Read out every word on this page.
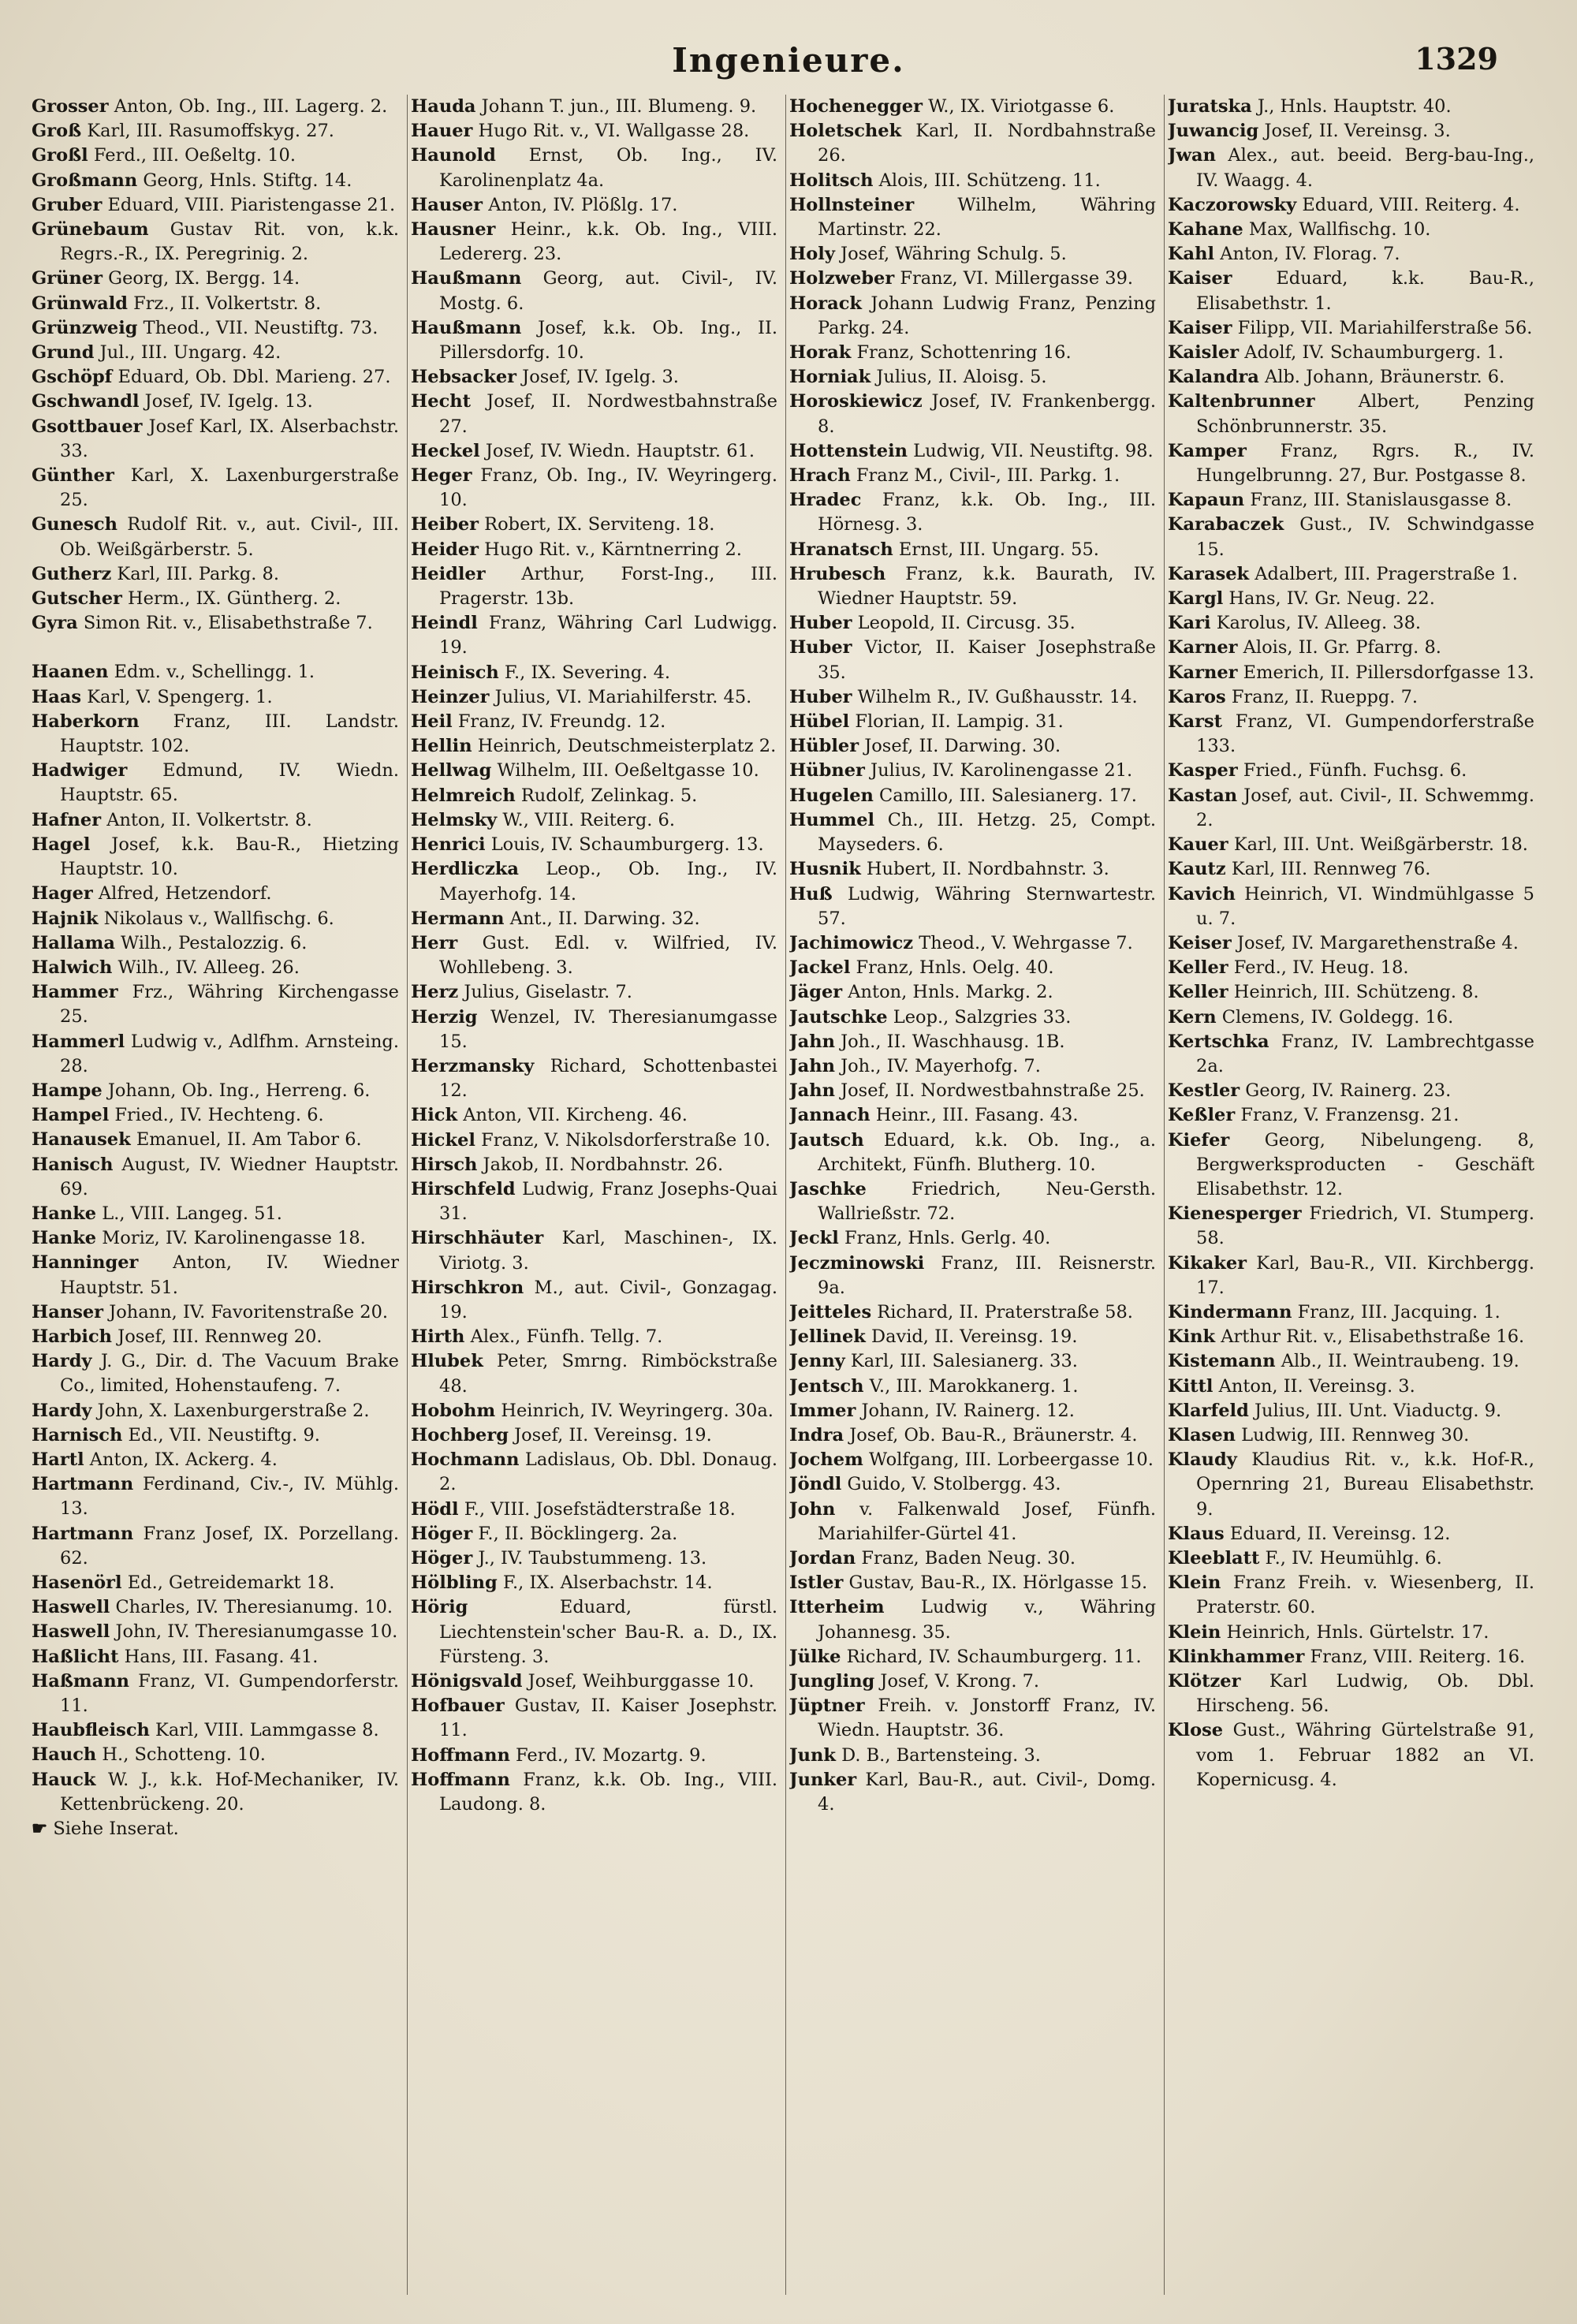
Ingenieure.	1329
Grosser Anton, Ob. Ing., III. Lagerg. 2.
Groß Karl, III. Rasumoffskyg. 27.
Großl Ferd., III. Oeßeltg. 10.
Großmann Georg, Hnls. Stiftg. 14.
Gruber Eduard, VIII. Piaristengasse 21.
Grünebaum Gustav Rit. von, k.k. Regrs.-R., IX. Peregrinig. 2.
Grüner Georg, IX. Bergg. 14.
Grünwald Frz., II. Volkertstr. 8.
Grünzweig Theod., VII. Neustiftg. 73.
Grund Jul., III. Ungarg. 42.
Gschöpf Eduard, Ob. Dbl. Marieng. 27.
Gschwandl Josef, IV. Igelg. 13.
Gsottbauer Josef Karl, IX. Alserbachstr. 33.
Günther Karl, X. Laxenburgerstraße 25.
Gunesch Rudolf Rit. v., aut. Civil-, III. Ob. Weißgärberstr. 5.
Gutherz Karl, III. Parkg. 8.
Gutscher Herm., IX. Güntherg. 2.
Gyra Simon Rit. v., Elisabethstraße 7.
Haanen Edm. v., Schellingg. 1.
Haas Karl, V. Spengerg. 1.
Haberkorn Franz, III. Landstr. Hauptstr. 102.
Hadwiger Edmund, IV. Wiedn. Hauptstr. 65.
Hafner Anton, II. Volkertstr. 8.
Hagel Josef, k.k. Bau-R., Hietzing Hauptstr. 10.
Hager Alfred, Hetzendorf.
Hajnik Nikolaus v., Wallfischg. 6.
Hallama Wilh., Pestalozzig. 6.
Halwich Wilh., IV. Alleeg. 26.
Hammer Frz., Währing Kirchengasse 25.
Hammerl Ludwig v., Adlfhm. Arnsteing. 28.
Hampe Johann, Ob. Ing., Herreng. 6.
Hampel Fried., IV. Hechteng. 6.
Hanausek Emanuel, II. Am Tabor 6.
Hanisch August, IV. Wiedner Hauptstr. 69.
Hanke L., VIII. Langeg. 51.
Hanke Moriz, IV. Karolinengasse 18.
Hanninger Anton, IV. Wiedner Hauptstr. 51.
Hanser Johann, IV. Favoritenstraße 20.
Harbich Josef, III. Rennweg 20.
Hardy J. G., Dir. d. The Vacuum Brake Co., limited, Hohenstaufeng. 7.
Hardy John, X. Laxenburgerstraße 2.
Harnisch Ed., VII. Neustiftg. 9.
Hartl Anton, IX. Ackerg. 4.
Hartmann Ferdinand, Civ.-, IV. Mühlg. 13.
Hartmann Franz Josef, IX. Porzellang. 62.
Hasenörl Ed., Getreidemarkt 18.
Haswell Charles, IV. Theresianumg. 10.
Haswell John, IV. Theresianumgasse 10.
Haßlicht Hans, III. Fasang. 41.
Haßmann Franz, VI. Gumpendorferstr. 11.
Haubfleisch Karl, VIII. Lammgasse 8.
Hauch H., Schotteng. 10.
Hauck W. J., k.k. Hof-Mechaniker, IV. Kettenbrückeng. 20.
☛ Siehe Inserat.
Hauda Johann T. jun., III. Blumeng. 9.
Hauer Hugo Rit. v., VI. Wallgasse 28.
Haunold Ernst, Ob. Ing., IV. Karolinenplatz 4a.
Hauser Anton, IV. Plößlg. 17.
Hausner Heinr., k.k. Ob. Ing., VIII. Ledererg. 23.
Haußmann Georg, aut. Civil-, IV. Mostg. 6.
Haußmann Josef, k.k. Ob. Ing., II. Pillersdorfg. 10.
Hebsacker Josef, IV. Igelg. 3.
Hecht Josef, II. Nordwestbahnstraße 27.
Heckel Josef, IV. Wiedn. Hauptstr. 61.
Heger Franz, Ob. Ing., IV. Weyringerg. 10.
Heiber Robert, IX. Serviteng. 18.
Heider Hugo Rit. v., Kärntnerring 2.
Heidler Arthur, Forst-Ing., III. Pragerstr. 13b.
Heindl Franz, Währing Carl Ludwigg. 19.
Heinisch F., IX. Severing. 4.
Heinzer Julius, VI. Mariahilferstr. 45.
Heil Franz, IV. Freundg. 12.
Hellin Heinrich, Deutschmeisterplatz 2.
Hellwag Wilhelm, III. Oeßeltgasse 10.
Helmreich Rudolf, Zelinkag. 5.
Helmsky W., VIII. Reiterg. 6.
Henrici Louis, IV. Schaumburgerg. 13.
Herdliczka Leop., Ob. Ing., IV. Mayerhofg. 14.
Hermann Ant., II. Darwing. 32.
Herr Gust. Edl. v. Wilfried, IV. Wohllebeng. 3.
Herz Julius, Giselastr. 7.
Herzig Wenzel, IV. Theresianumgasse 15.
Herzmansky Richard, Schottenbastei 12.
Hick Anton, VII. Kircheng. 46.
Hickel Franz, V. Nikolsdorferstraße 10.
Hirsch Jakob, II. Nordbahnstr. 26.
Hirschfeld Ludwig, Franz Josephs-Quai 31.
Hirschhäuter Karl, Maschinen-, IX. Viriotg. 3.
Hirschkron M., aut. Civil-, Gonzagag. 19.
Hirth Alex., Fünfh. Tellg. 7.
Hlubek Peter, Smrng. Rimböckstraße 48.
Hobohm Heinrich, IV. Weyringerg. 30a.
Hochberg Josef, II. Vereinsg. 19.
Hochmann Ladislaus, Ob. Dbl. Donaug. 2.
Hödl F., VIII. Josefstädterstraße 18.
Höger F., II. Böcklingerg. 2a.
Höger J., IV. Taubstummeng. 13.
Hölbling F., IX. Alserbachstr. 14.
Hörig Eduard, fürstl. Liechtenstein'scher Bau-R. a. D., IX. Fürsteng. 3.
Hönigsvald Josef, Weihburggasse 10.
Hofbauer Gustav, II. Kaiser Josephstr. 11.
Hoffmann Ferd., IV. Mozartg. 9.
Hoffmann Franz, k.k. Ob. Ing., VIII. Laudong. 8.
Hochenegger W., IX. Viriotgasse 6.
Holetschek Karl, II. Nordbahnstraße 26.
Holitsch Alois, III. Schützeng. 11.
Hollnsteiner Wilhelm, Währing Martinstr. 22.
Holy Josef, Währing Schulg. 5.
Holzweber Franz, VI. Millergasse 39.
Horack Johann Ludwig Franz, Penzing Parkg. 24.
Horak Franz, Schottenring 16.
Horniak Julius, II. Aloisg. 5.
Horoskiewicz Josef, IV. Frankenbergg. 8.
Hottenstein Ludwig, VII. Neustiftg. 98.
Hrach Franz M., Civil-, III. Parkg. 1.
Hradec Franz, k.k. Ob. Ing., III. Hörnesg. 3.
Hranatsch Ernst, III. Ungarg. 55.
Hrubesch Franz, k.k. Baurath, IV. Wiedner Hauptstr. 59.
Huber Leopold, II. Circusg. 35.
Huber Victor, II. Kaiser Josephstraße 35.
Huber Wilhelm R., IV. Gußhausstr. 14.
Hübel Florian, II. Lampig. 31.
Hübler Josef, II. Darwing. 30.
Hübner Julius, IV. Karolinengasse 21.
Hugelen Camillo, III. Salesianerg. 17.
Hummel Ch., III. Hetzg. 25, Compt. Mayseders. 6.
Husnik Hubert, II. Nordbahnstr. 3.
Huß Ludwig, Währing Sternwartestr. 57.
Jachimowicz Theod., V. Wehrgasse 7.
Jackel Franz, Hnls. Oelg. 40.
Jäger Anton, Hnls. Markg. 2.
Jautschke Leop., Salzgries 33.
Jahn Joh., II. Waschhausg. 1B.
Jahn Joh., IV. Mayerhofg. 7.
Jahn Josef, II. Nordwestbahnstraße 25.
Jannach Heinr., III. Fasang. 43.
Jautsch Eduard, k.k. Ob. Ing., a. Architekt, Fünfh. Blutherg. 10.
Jaschke Friedrich, Neu-Gersth. Wallrießstr. 72.
Jeckl Franz, Hnls. Gerlg. 40.
Jeczminowski Franz, III. Reisnerstr. 9a.
Jeitteles Richard, II. Praterstraße 58.
Jellinek David, II. Vereinsg. 19.
Jenny Karl, III. Salesianerg. 33.
Jentsch V., III. Marokkanerg. 1.
Immer Johann, IV. Rainerg. 12.
Indra Josef, Ob. Bau-R., Bräunerstr. 4.
Jochem Wolfgang, III. Lorbeergasse 10.
Jöndl Guido, V. Stolbergg. 43.
John v. Falkenwald Josef, Fünfh. Mariahilfer-Gürtel 41.
Jordan Franz, Baden Neug. 30.
Istler Gustav, Bau-R., IX. Hörlgasse 15.
Itterheim Ludwig v., Währing Johannesg. 35.
Jülke Richard, IV. Schaumburgerg. 11.
Jungling Josef, V. Krong. 7.
Jüptner Freih. v. Jonstorff Franz, IV. Wiedn. Hauptstr. 36.
Junk D. B., Bartensteing. 3.
Junker Karl, Bau-R., aut. Civil-, Domg. 4.
Juratska J., Hnls. Hauptstr. 40.
Juwancig Josef, II. Vereinsg. 3.
Jwan Alex., aut. beeid. Berg-bau-Ing., IV. Waagg. 4.
Kaczorowsky Eduard, VIII. Reiterg. 4.
Kahane Max, Wallfischg. 10.
Kahl Anton, IV. Florag. 7.
Kaiser Eduard, k.k. Bau-R., Elisabethstr. 1.
Kaiser Filipp, VII. Mariahilferstraße 56.
Kaisler Adolf, IV. Schaumburgerg. 1.
Kalandra Alb. Johann, Bräunerstr. 6.
Kaltenbrunner Albert, Penzing Schönbrunnerstr. 35.
Kamper Franz, Rgrs. R., IV. Hungelbrunng. 27, Bur. Postgasse 8.
Kapaun Franz, III. Stanislausgasse 8.
Karabaczek Gust., IV. Schwindgasse 15.
Karasek Adalbert, III. Pragerstraße 1.
Kargl Hans, IV. Gr. Neug. 22.
Kari Karolus, IV. Alleeg. 38.
Karner Alois, II. Gr. Pfarrg. 8.
Karner Emerich, II. Pillersdorfgasse 13.
Karos Franz, II. Rueppg. 7.
Karst Franz, VI. Gumpendorferstraße 133.
Kasper Fried., Fünfh. Fuchsg. 6.
Kastan Josef, aut. Civil-, II. Schwemmg. 2.
Kauer Karl, III. Unt. Weißgärberstr. 18.
Kautz Karl, III. Rennweg 76.
Kavich Heinrich, VI. Windmühlgasse 5 u. 7.
Keiser Josef, IV. Margarethenstraße 4.
Keller Ferd., IV. Heug. 18.
Keller Heinrich, III. Schützeng. 8.
Kern Clemens, IV. Goldegg. 16.
Kertschka Franz, IV. Lambrechtgasse 2a.
Kestler Georg, IV. Rainerg. 23.
Keßler Franz, V. Franzensg. 21.
Kiefer Georg, Nibelungeng. 8, Bergwerksproducten - Geschäft Elisabethstr. 12.
Kienesperger Friedrich, VI. Stumperg. 58.
Kikaker Karl, Bau-R., VII. Kirchbergg. 17.
Kindermann Franz, III. Jacquing. 1.
Kink Arthur Rit. v., Elisabethstraße 16.
Kistemann Alb., II. Weintraubeng. 19.
Kittl Anton, II. Vereinsg. 3.
Klarfeld Julius, III. Unt. Viaductg. 9.
Klasen Ludwig, III. Rennweg 30.
Klaudy Klaudius Rit. v., k.k. Hof-R., Opernring 21, Bureau Elisabethstr. 9.
Klaus Eduard, II. Vereinsg. 12.
Kleeblatt F., IV. Heumühlg. 6.
Klein Franz Freih. v. Wiesenberg, II. Praterstr. 60.
Klein Heinrich, Hnls. Gürtelstr. 17.
Klinkhammer Franz, VIII. Reiterg. 16.
Klötzer Karl Ludwig, Ob. Dbl. Hirscheng. 56.
Klose Gust., Währing Gürtelstraße 91, vom 1. Februar 1882 an VI. Kopernicusg. 4.
